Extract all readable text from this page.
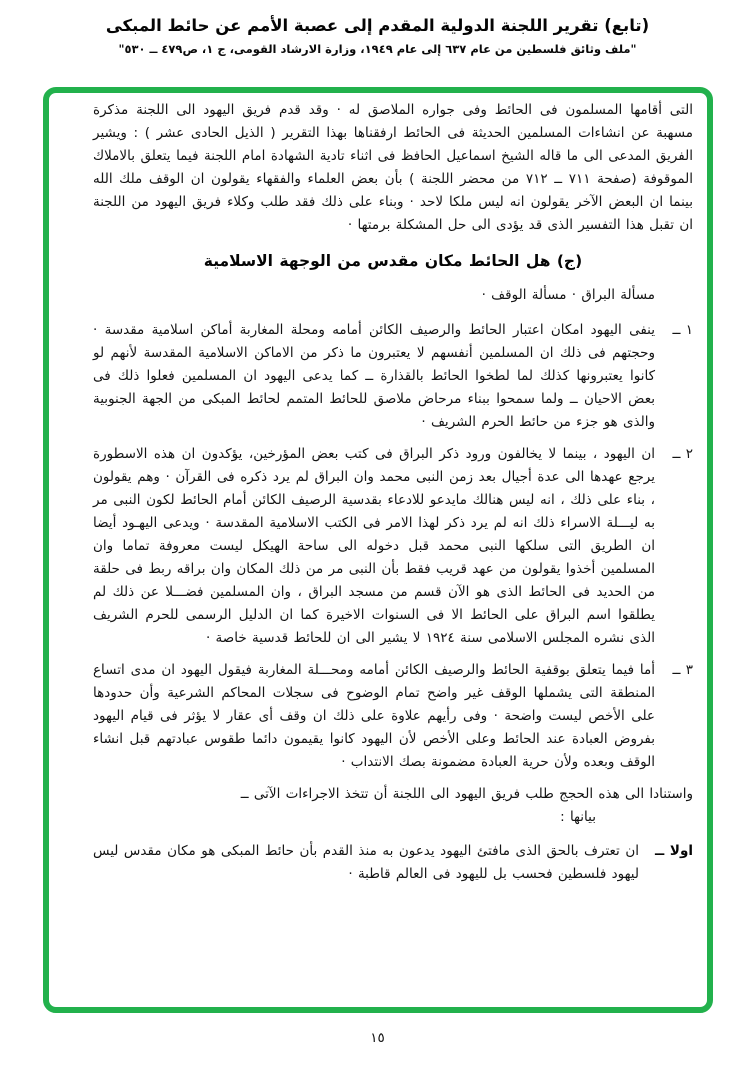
(تابع) تقرير اللجنة الدولية المقدم إلى عصبة الأمم عن حائط المبكى
"ملف وثائق فلسطين من عام ٦٣٧ إلى عام ١٩٤٩، وزارة الارشاد القومى، ج ١، ص٤٧٩ ــ ٥٣٠"

التى أقامها المسلمون فى الحائط وفى جواره الملاصق له · وقد قدم فريق اليهود الى اللجنة مذكرة مسهبة عن انشاءات المسلمين الحديثة فى الحائط ارفقناها بهذا التقرير ( الذيل الحادى عشر ) : ويشير الفريق المدعى الى ما قاله الشيخ اسماعيل الحافظ فى اثناء تادية الشهادة امام اللجنة فيما يتعلق بالاملاك الموقوفة (صفحة ٧١١ ــ ٧١٢ من محضر اللجنة ) بأن بعض العلماء والفقهاء يقولون ان الوقف ملك الله بينما ان البعض الآخر يقولون انه ليس ملكا لاحد · وبناء على ذلك فقد طلب وكلاء فريق اليهود من اللجنة ان تقبل هذا التفسير الذى قد يؤدى الى حل المشكلة برمتها ·

(ج) هل الحائط مكان مقدس من الوجهة الاسلامية

مسألة البراق · مسألة الوقف ·

١ ــ
ينفى اليهود امكان اعتبار الحائط والرصيف الكائن أمامه ومحلة المغاربة أماكن اسلامية مقدسة · وحجتهم فى ذلك ان المسلمين أنفسهم لا يعتبرون ما ذكر من الاماكن الاسلامية المقدسة لأنهم لو كانوا يعتبرونها كذلك لما لطخوا الحائط بالقذارة ــ كما يدعى اليهود ان المسلمين فعلوا ذلك فى بعض الاحيان ــ ولما سمحوا ببناء مرحاض ملاصق للحائط المتمم لحائط المبكى من الجهة الجنوبية والذى هو جزء من حائط الحرم الشريف ·
٢ ــ
ان اليهود ، بينما لا يخالفون ورود ذكر البراق فى كتب بعض المؤرخين، يؤكدون ان هذه الاسطورة يرجع عهدها الى عدة أجيال بعد زمن النبى محمد وان البراق لم يرد ذكره فى القرآن · وهم يقولون ، بناء على ذلك ، انه ليس هنالك مايدعو للادعاء بقدسية الرصيف الكائن أمام الحائط لكون النبى مر به ليـــلة الاسراء ذلك انه لم يرد ذكر لهذا الامر فى الكتب الاسلامية المقدسة · ويدعى اليهـود أيضا ان الطريق التى سلكها النبى محمد قبل دخوله الى ساحة الهيكل ليست معروفة تماما وان المسلمين أخذوا يقولون من عهد قريب فقط بأن النبى مر من ذلك المكان وان براقه ربط فى حلقة من الحديد فى الحائط الذى هو الآن قسم من مسجد البراق ، وان المسلمين فضـــلا عن ذلك لم يطلقوا اسم البراق على الحائط الا فى السنوات الاخيرة كما ان الدليل الرسمى للحرم الشريف الذى نشره المجلس الاسلامى سنة ١٩٢٤ لا يشير الى ان للحائط قدسية خاصة ·
٣ ــ
أما فيما يتعلق بوقفية الحائط والرصيف الكائن أمامه ومحـــلة المغاربة فيقول اليهود ان مدى اتساع المنطقة التى يشملها الوقف غير واضح تمام الوضوح فى سجلات المحاكم الشرعية وأن حدودها على الأخص ليست واضحة · وفى رأيهم علاوة على ذلك ان وقف أى عقار لا يؤثر فى قيام اليهود بفروض العبادة عند الحائط وعلى الأخص لأن اليهود كانوا يقيمون دائما طقوس عبادتهم قبل انشاء الوقف وبعده ولأن حرية العبادة مضمونة بصك الانتداب ·

واستنادا الى هذه الحجج طلب فريق اليهود الى اللجنة أن تتخذ الاجراءات الآتى ــ

بيانها :

اولا ــ
ان تعترف بالحق الذى مافتئ اليهود يدعون به منذ القدم بأن حائط المبكى هو مكان مقدس ليس ليهود فلسطين فحسب بل لليهود فى العالم قاطبة ·
١٥
